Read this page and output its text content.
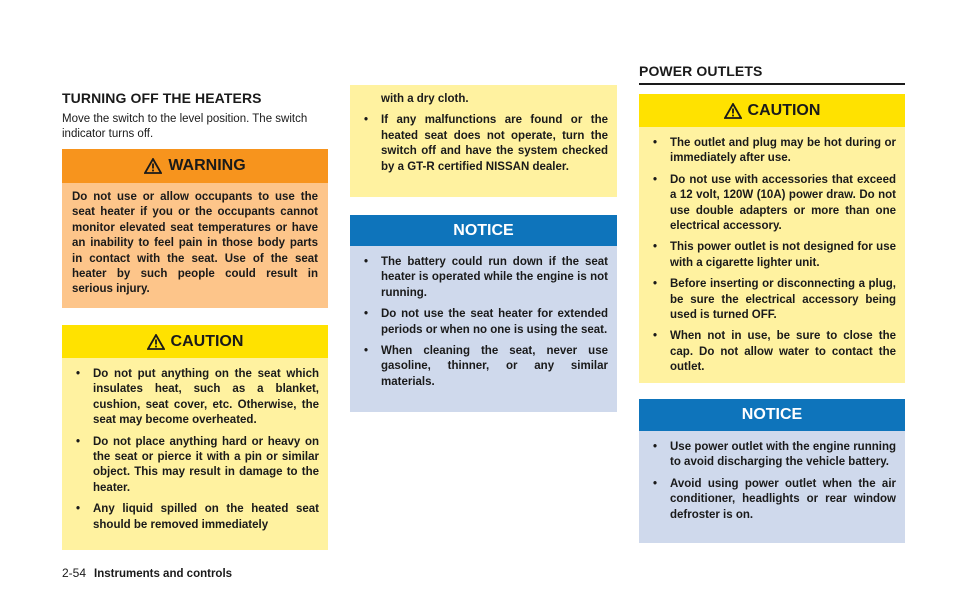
TURNING OFF THE HEATERS
Move the switch to the level position. The switch indicator turns off.
WARNING
Do not use or allow occupants to use the seat heater if you or the occupants cannot monitor elevated seat temperatures or have an inability to feel pain in those body parts in contact with the seat. Use of the seat heater by such people could result in serious injury.
CAUTION
•	Do not put anything on the seat which insulates heat, such as a blanket, cushion, seat cover, etc. Otherwise, the seat may become overheated.
•	Do not place anything hard or heavy on the seat or pierce it with a pin or similar object. This may result in damage to the heater.
•	Any liquid spilled on the heated seat should be removed immediately
with a dry cloth.
•	If any malfunctions are found or the heated seat does not operate, turn the switch off and have the system checked by a GT-R certified NISSAN dealer.
NOTICE
•	The battery could run down if the seat heater is operated while the engine is not running.
•	Do not use the seat heater for extended periods or when no one is using the seat.
•	When cleaning the seat, never use gasoline, thinner, or any similar materials.
POWER OUTLETS
CAUTION
•	The outlet and plug may be hot during or immediately after use.
•	Do not use with accessories that exceed a 12 volt, 120W (10A) power draw. Do not use double adapters or more than one electrical accessory.
•	This power outlet is not designed for use with a cigarette lighter unit.
•	Before inserting or disconnecting a plug, be sure the electrical accessory being used is turned OFF.
•	When not in use, be sure to close the cap. Do not allow water to contact the outlet.
NOTICE
•	Use power outlet with the engine running to avoid discharging the vehicle battery.
•	Avoid using power outlet when the air conditioner, headlights or rear window defroster is on.
2-54 Instruments and controls
